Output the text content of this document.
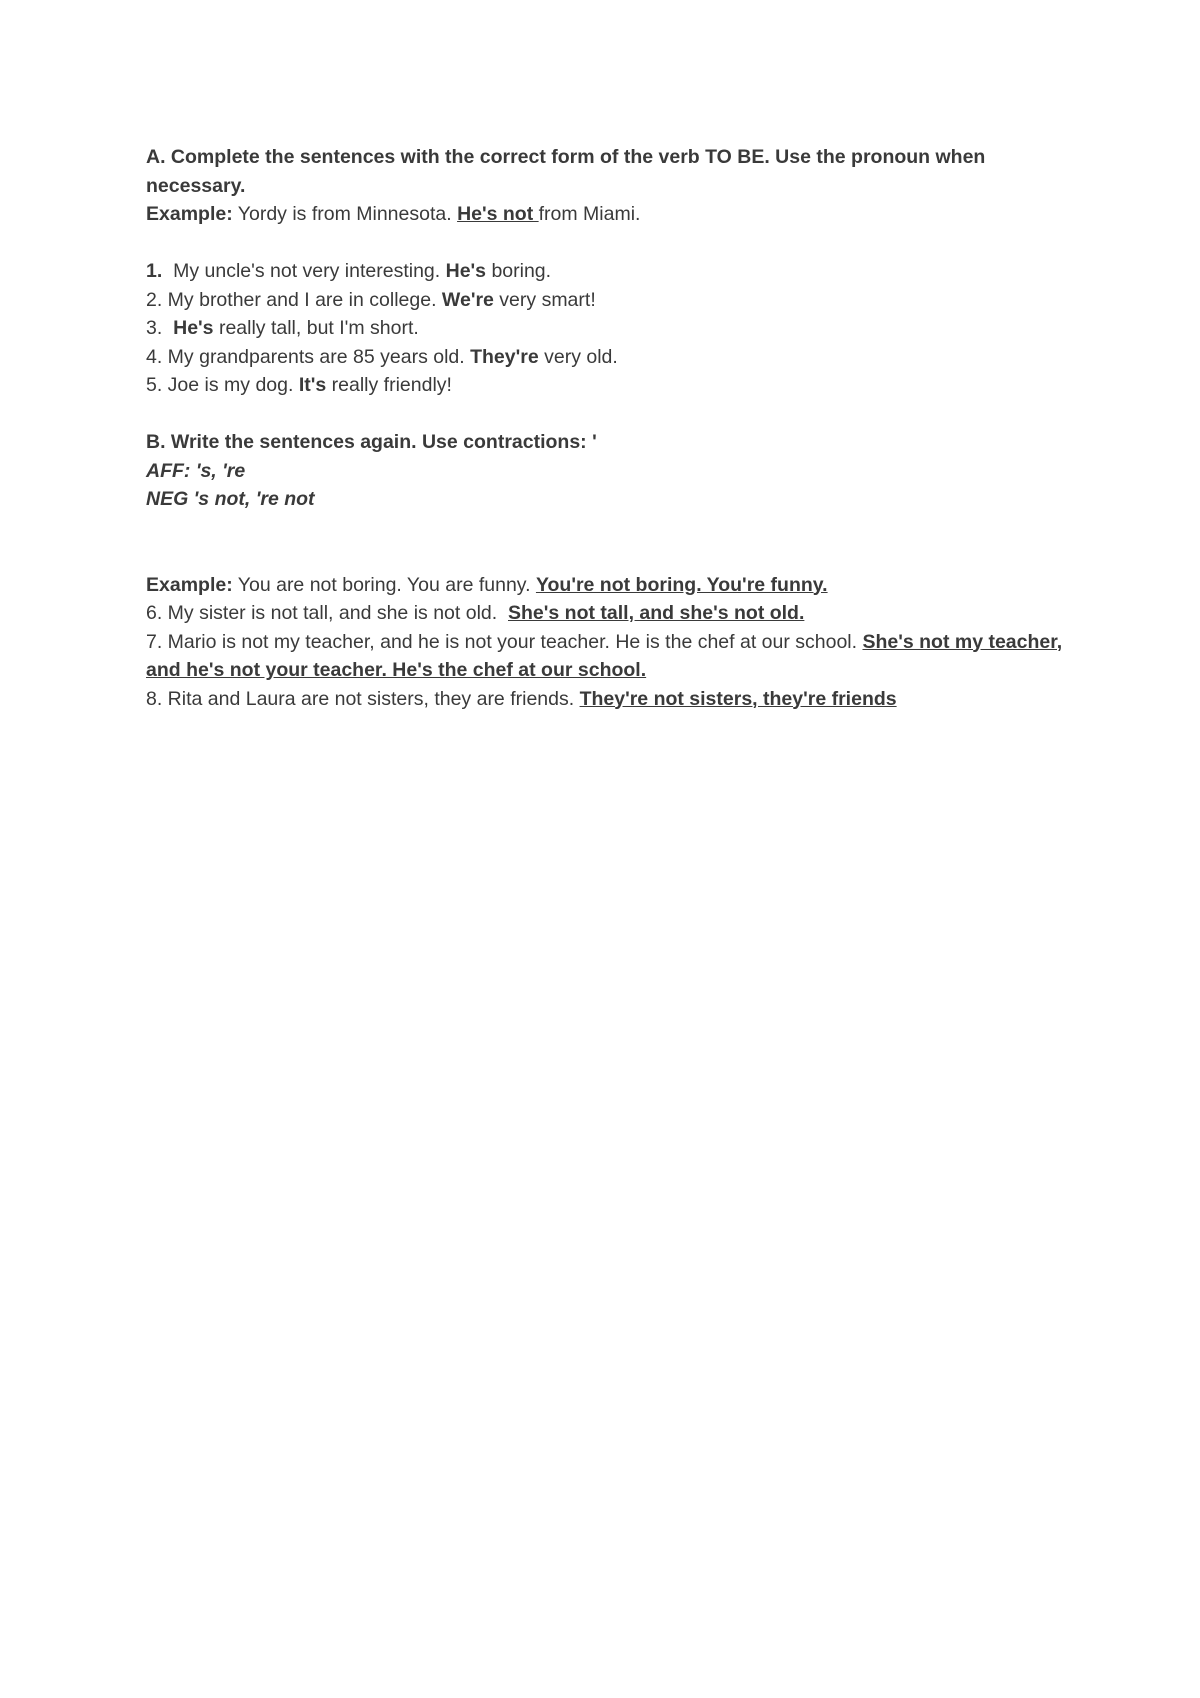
A. Complete the sentences with the correct form of the verb TO BE. Use the pronoun when necessary.

Example: Yordy is from Minnesota. He's not from Miami.

1.  My uncle's not very interesting. He's boring.

2. My brother and I are in college. We're very smart!

3. He's really tall, but I'm short.

4. My grandparents are 85 years old. They're very old.

5. Joe is my dog. It's really friendly!

B. Write the sentences again. Use contractions: '

AFF: 's, 're

NEG 's not, 're not

Example: You are not boring. You are funny. You're not boring. You're funny.

6. My sister is not tall, and she is not old.  She's not tall, and she's not old.

7. Mario is not my teacher, and he is not your teacher. He is the chef at our school. She's not my teacher, and he's not your teacher. He's the chef at our school.

8. Rita and Laura are not sisters, they are friends. They're not sisters, they're friends
